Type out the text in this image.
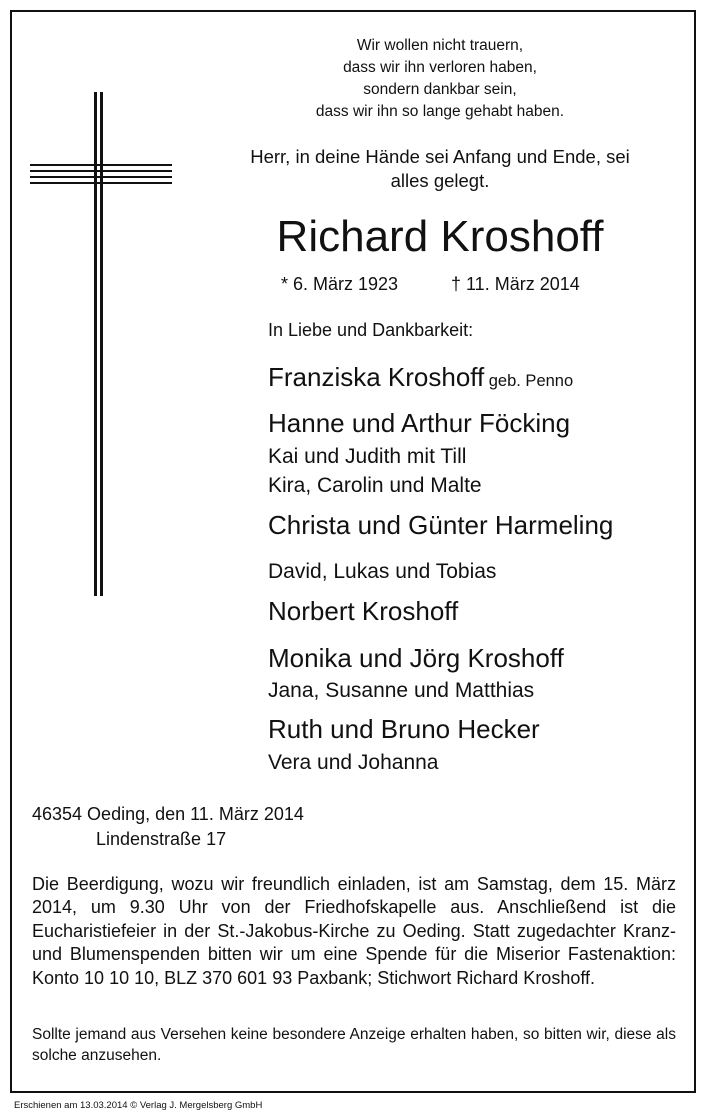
Wir wollen nicht trauern,
dass wir ihn verloren haben,
sondern dankbar sein,
dass wir ihn so lange gehabt haben.
Herr, in deine Hände sei Anfang und Ende, sei
alles gelegt.
Richard Kroshoff
* 6. März 1923	† 11. März 2014
In Liebe und Dankbarkeit:
Franziska Kroshoff geb. Penno
Hanne und Arthur Föcking
Kai und Judith mit Till
Kira, Carolin und Malte
Christa und Günter Harmeling
David, Lukas und Tobias
Norbert Kroshoff
Monika und Jörg Kroshoff
Jana, Susanne und Matthias
Ruth und Bruno Hecker
Vera und Johanna
46354 Oeding, den 11. März 2014
Lindenstraße 17
Die Beerdigung, wozu wir freundlich einladen, ist am Samstag, dem 15. März 2014, um 9.30 Uhr von der Friedhofskapelle aus. Anschließend ist die Eucharistiefeier in der St.-Jakobus-Kirche zu Oeding. Statt zugedachter Kranz- und Blumenspenden bitten wir um eine Spende für die Miserior Fastenaktion: Konto 10 10 10, BLZ 370 601 93 Paxbank; Stichwort Richard Kroshoff.
Sollte jemand aus Versehen keine besondere Anzeige erhalten haben, so bitten wir, diese als solche anzusehen.
Erschienen am 13.03.2014 © Verlag J. Mergelsberg GmbH
